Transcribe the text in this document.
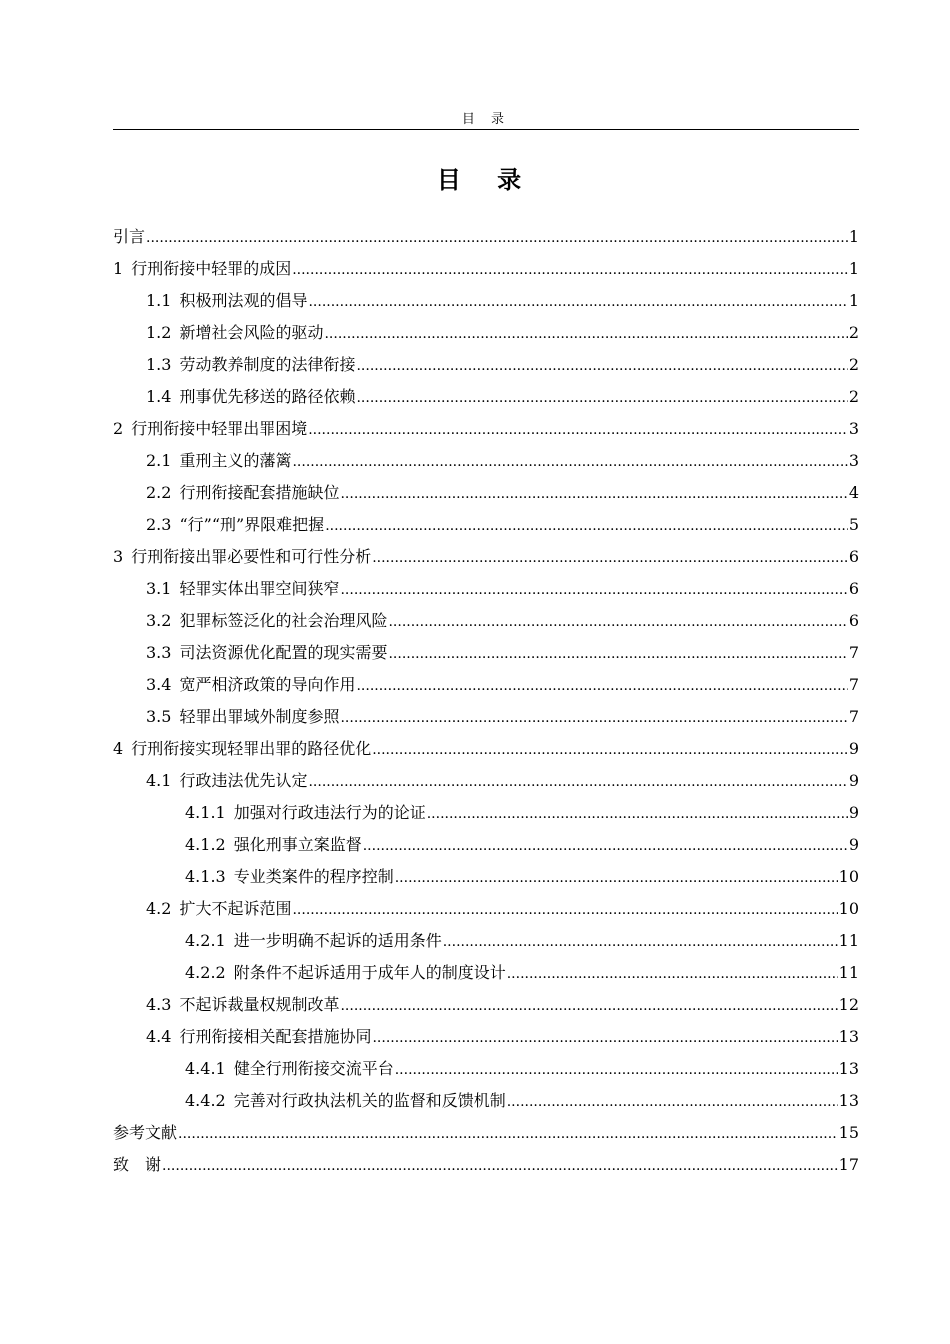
目 录
目 录
引言 .....	1
1 行刑衔接中轻罪的成因 .....	1
1.1 积极刑法观的倡导 .....	1
1.2 新增社会风险的驱动 .....	2
1.3 劳动教养制度的法律衔接 .....	2
1.4 刑事优先移送的路径依赖 .....	2
2 行刑衔接中轻罪出罪困境 .....	3
2.1 重刑主义的藩篱 .....	3
2.2 行刑衔接配套措施缺位 .....	4
2.3 “行”“刑”界限难把握 .....	5
3 行刑衔接出罪必要性和可行性分析 .....	6
3.1 轻罪实体出罪空间狭窄 .....	6
3.2 犯罪标签泛化的社会治理风险 .....	6
3.3 司法资源优化配置的现实需要 .....	7
3.4 宽严相济政策的导向作用 .....	7
3.5 轻罪出罪域外制度参照 .....	7
4 行刑衔接实现轻罪出罪的路径优化 .....	9
4.1 行政违法优先认定 .....	9
4.1.1 加强对行政违法行为的论证 .....	9
4.1.2 强化刑事立案监督 .....	9
4.1.3 专业类案件的程序控制 .....	10
4.2 扩大不起诉范围 .....	10
4.2.1 进一步明确不起诉的适用条件 .....	11
4.2.2 附条件不起诉适用于成年人的制度设计 .....	11
4.3 不起诉裁量权规制改革 .....	12
4.4 行刑衔接相关配套措施协同 .....	13
4.4.1 健全行刑衔接交流平台 .....	13
4.4.2 完善对行政执法机关的监督和反馈机制 .....	13
参考文献 .....	15
致　谢 .....	17
